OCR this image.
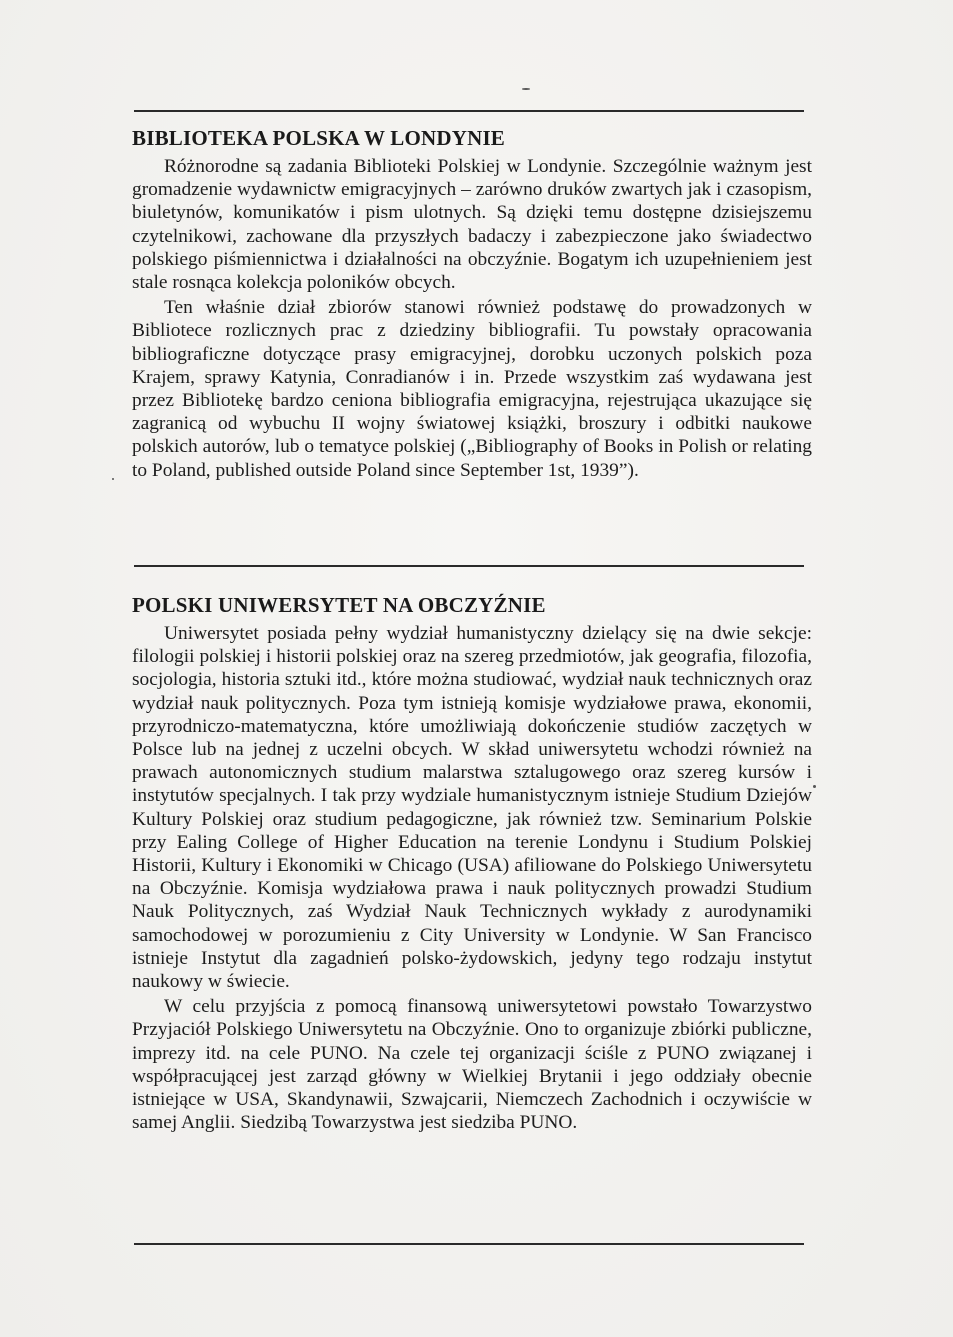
BIBLIOTEKA POLSKA W LONDYNIE

Różnorodne są zadania Biblioteki Polskiej w Londynie. Szczególnie ważnym jest gromadzenie wydawnictw emigracyjnych – zarówno druków zwartych jak i czasopism, biuletynów, komunikatów i pism ulotnych. Są dzięki temu dostępne dzisiejszemu czytelnikowi, zachowane dla przyszłych badaczy i zabezpieczone jako świadectwo polskiego piśmiennictwa i działalności na obczyźnie. Bogatym ich uzupełnieniem jest stale rosnąca kolekcja poloników obcych.

Ten właśnie dział zbiorów stanowi również podstawę do prowadzonych w Bibliotece rozlicznych prac z dziedziny bibliografii. Tu powstały opracowania bibliograficzne dotyczące prasy emigracyjnej, dorobku uczonych polskich poza Krajem, sprawy Katynia, Conradianów i in. Przede wszystkim zaś wydawana jest przez Bibliotekę bardzo ceniona bibliografia emigracyjna, rejestrująca ukazujące się zagranicą od wybuchu II wojny światowej książki, broszury i odbitki naukowe polskich autorów, lub o tematyce polskiej („Bibliography of Books in Polish or relating to Poland, published outside Poland since September 1st, 1939”).

POLSKI UNIWERSYTET NA OBCZYŹNIE

Uniwersytet posiada pełny wydział humanistyczny dzielący się na dwie sekcje: filologii polskiej i historii polskiej oraz na szereg przedmiotów, jak geografia, filozofia, socjologia, historia sztuki itd., które można studiować, wydział nauk technicznych oraz wydział nauk politycznych. Poza tym istnieją komisje wydziałowe prawa, ekonomii, przyrodniczo-matematyczna, które umożliwiają dokończenie studiów zaczętych w Polsce lub na jednej z uczelni obcych. W skład uniwersytetu wchodzi również na prawach autonomicznych studium malarstwa sztalugowego oraz szereg kursów i instytutów specjalnych. I tak przy wydziale humanistycznym istnieje Studium Dziejów Kultury Polskiej oraz studium pedagogiczne, jak również tzw. Seminarium Polskie przy Ealing College of Higher Education na terenie Londynu i Studium Polskiej Historii, Kultury i Ekonomiki w Chicago (USA) afiliowane do Polskiego Uniwersytetu na Obczyźnie. Komisja wydziałowa prawa i nauk politycznych prowadzi Studium Nauk Politycznych, zaś Wydział Nauk Technicznych wykłady z aurodynamiki samochodowej w porozumieniu z City University w Londynie. W San Francisco istnieje Instytut dla zagadnień polsko-żydowskich, jedyny tego rodzaju instytut naukowy w świecie.

W celu przyjścia z pomocą finansową uniwersytetowi powstało Towarzystwo Przyjaciół Polskiego Uniwersytetu na Obczyźnie. Ono to organizuje zbiórki publiczne, imprezy itd. na cele PUNO. Na czele tej organizacji ściśle z PUNO związanej i współpracującej jest zarząd główny w Wielkiej Brytanii i jego oddziały obecnie istniejące w USA, Skandynawii, Szwajcarii, Niemczech Zachodnich i oczywiście w samej Anglii. Siedzibą Towarzystwa jest siedziba PUNO.
